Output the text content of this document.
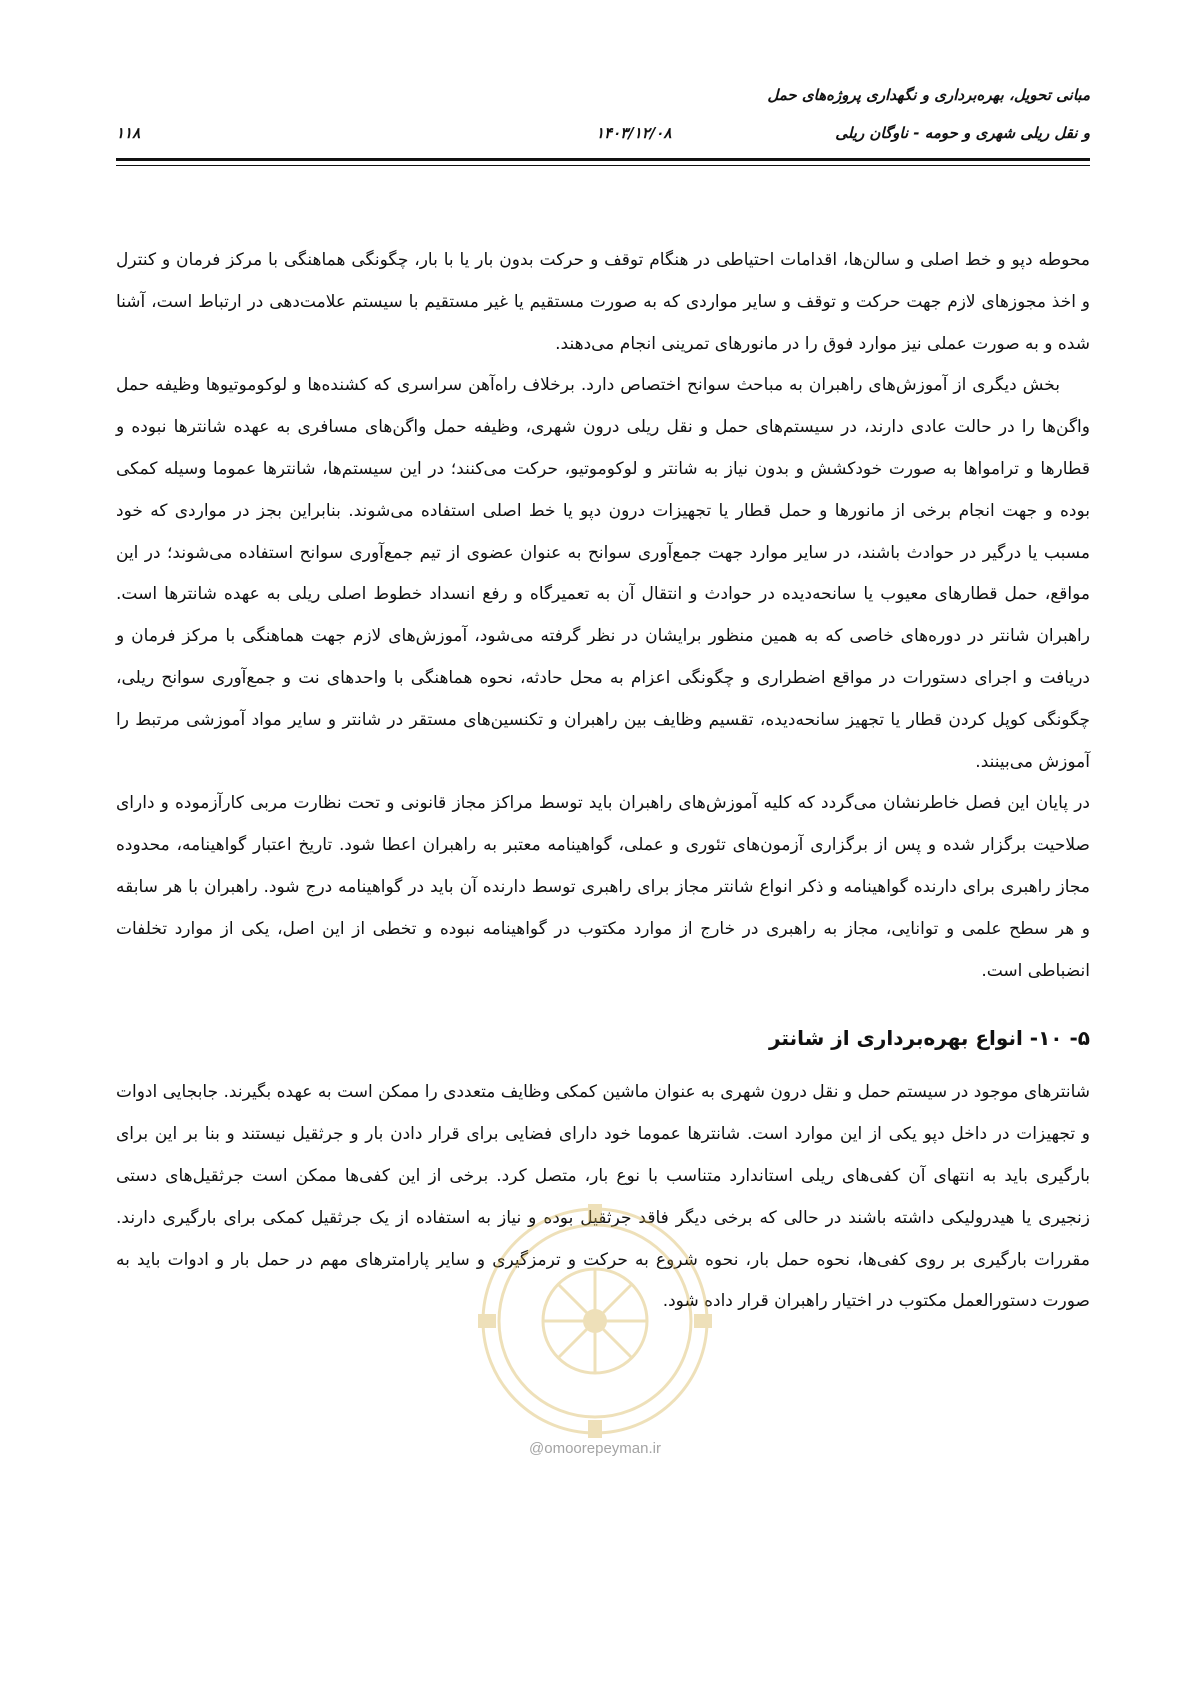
مبانی تحویل، بهره‌برداری و نگهداری پروژه‌های حمل
و نقل ریلی شهری و حومه - ناوگان ریلی
۱۴۰۳/۱۲/۰۸
۱۱۸

محوطه دپو و خط اصلی و سالن‌ها، اقدامات احتیاطی در هنگام توقف و حرکت بدون بار یا با بار، چگونگی هماهنگی با مرکز فرمان و کنترل و اخذ مجوزهای لازم جهت حرکت و توقف و سایر مواردی که به صورت مستقیم یا غیر مستقیم با سیستم علامت‌دهی در ارتباط است، آشنا شده و به صورت عملی نیز موارد فوق را در مانورهای تمرینی انجام می‌دهند.

بخش دیگری از آموزش‌های راهبران به مباحث سوانح اختصاص دارد. برخلاف راه‌آهن سراسری که کشنده‌ها و لوکوموتیوها وظیفه حمل واگن‌ها را در حالت عادی دارند، در سیستم‌های حمل و نقل ریلی درون شهری، وظیفه حمل واگن‌های مسافری به عهده شانترها نبوده و قطارها و تراموا‌ها به صورت خودکشش و بدون نیاز به شانتر و لوکوموتیو، حرکت می‌کنند؛ در این سیستم‌ها، شانترها عموما وسیله کمکی بوده و جهت انجام برخی از مانورها و حمل قطار یا تجهیزات درون دپو یا خط اصلی استفاده می‌شوند. بنابراین بجز در مواردی که خود مسبب یا درگیر در حوادث باشند، در سایر موارد جهت جمع‌آوری سوانح به عنوان عضوی از تیم جمع‌آوری سوانح استفاده می‌شوند؛ در این مواقع، حمل قطارهای معیوب یا سانحه‌دیده در حوادث و انتقال آن به تعمیرگاه و رفع انسداد خطوط اصلی ریلی به عهده شانترها است. راهبران شانتر در دوره‌های خاصی که به همین منظور برایشان در نظر گرفته می‌شود، آموزش‌های لازم جهت هماهنگی با مرکز فرمان و دریافت و اجرای دستورات در مواقع اضطراری و چگونگی اعزام به محل حادثه، نحوه هماهنگی با واحدهای نت و جمع‌آوری سوانح ریلی، چگونگی کوپل کردن قطار یا تجهیز سانحه‌دیده، تقسیم وظایف بین راهبران و تکنسین‌های مستقر در شانتر و سایر مواد آموزشی مرتبط را آموزش می‌بینند.

در پایان این فصل خاطرنشان می‌گردد که کلیه آموزش‌های راهبران باید توسط مراکز مجاز قانونی و تحت نظارت مربی کارآزموده و دارای صلاحیت برگزار شده و پس از برگزاری آزمون‌های تئوری و عملی، گواهینامه معتبر به راهبران اعطا شود. تاریخ اعتبار گواهینامه، محدوده مجاز راهبری برای دارنده گواهینامه و ذکر انواع شانتر مجاز برای راهبری توسط دارنده آن باید در گواهینامه درج شود. راهبران با هر سابقه و هر سطح علمی و توانایی، مجاز به راهبری در خارج از موارد مکتوب در گواهینامه نبوده و تخطی از این اصل، یکی از موارد تخلفات انضباطی است.

۵- ۱۰- انواع بهره‌برداری از شانتر

شانترهای موجود در سیستم حمل و نقل درون شهری به عنوان ماشین کمکی وظایف متعددی را ممکن است به عهده بگیرند. جابجایی ادوات و تجهیزات در داخل دپو یکی از این موارد است. شانترها عموما خود دارای فضایی برای قرار دادن بار و جرثقیل نیستند و بنا بر این برای بارگیری باید به انتهای آن کفی‌های ریلی استاندارد متناسب با نوع بار، متصل کرد. برخی از این کفی‌ها ممکن است جرثقیل‌های دستی زنجیری یا هیدرولیکی داشته باشند در حالی که برخی دیگر فاقد جرثقیل بوده و نیاز به استفاده از یک جرثقیل کمکی برای بارگیری دارند. مقررات بارگیری بر روی کفی‌ها، نحوه حمل بار، نحوه شروع به حرکت و ترمزگیری و سایر پارامترهای مهم در حمل بار و ادوات باید به صورت دستورالعمل مکتوب در اختیار راهبران قرار داده شود.

@omoorepeyman.ir
